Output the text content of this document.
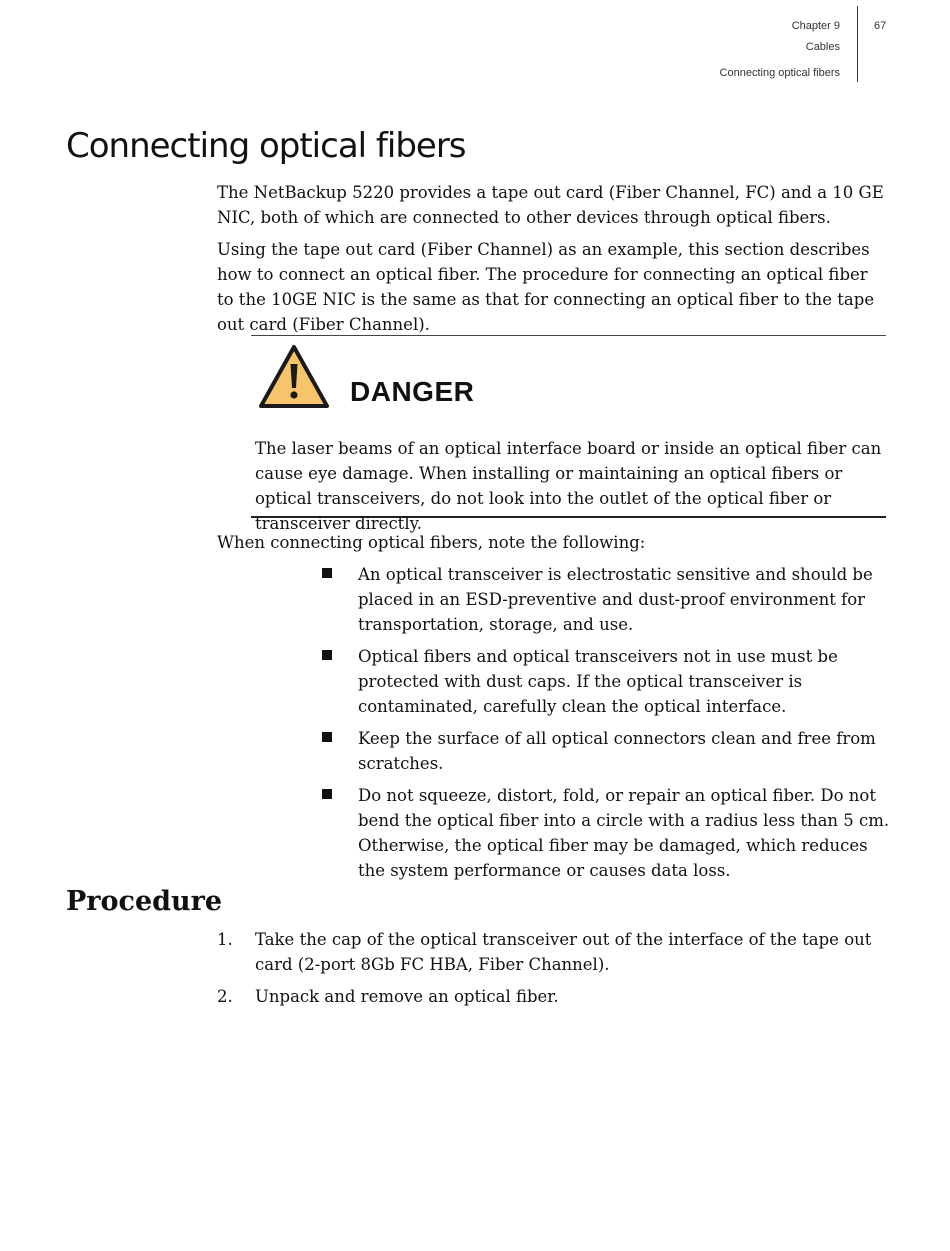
Chapter 9
Cables
Connecting optical fibers
67
Connecting optical fibers

The NetBackup 5220 provides a tape out card (Fiber Channel, FC) and a 10 GE NIC, both of which are connected to other devices through optical fibers.

Using the tape out card (Fiber Channel) as an example, this section describes how to connect an optical fiber. The procedure for connecting an optical fiber to the 10GE NIC is the same as that for connecting an optical fiber to the tape out card (Fiber Channel).

DANGER

The laser beams of an optical interface board or inside an optical fiber can cause eye damage. When installing or maintaining an optical fibers or optical transceivers, do not look into the outlet of the optical fiber or transceiver directly.

When connecting optical fibers, note the following:

An optical transceiver is electrostatic sensitive and should be placed in an ESD-preventive and dust-proof environment for transportation, storage, and use.
Optical fibers and optical transceivers not in use must be protected with dust caps. If the optical transceiver is contaminated, carefully clean the optical interface.
Keep the surface of all optical connectors clean and free from scratches.
Do not squeeze, distort, fold, or repair an optical fiber. Do not bend the optical fiber into a circle with a radius less than 5 cm. Otherwise, the optical fiber may be damaged, which reduces the system performance or causes data loss.
Procedure
1. Take the cap of the optical transceiver out of the interface of the tape out card (2-port 8Gb FC HBA, Fiber Channel).
2. Unpack and remove an optical fiber.
